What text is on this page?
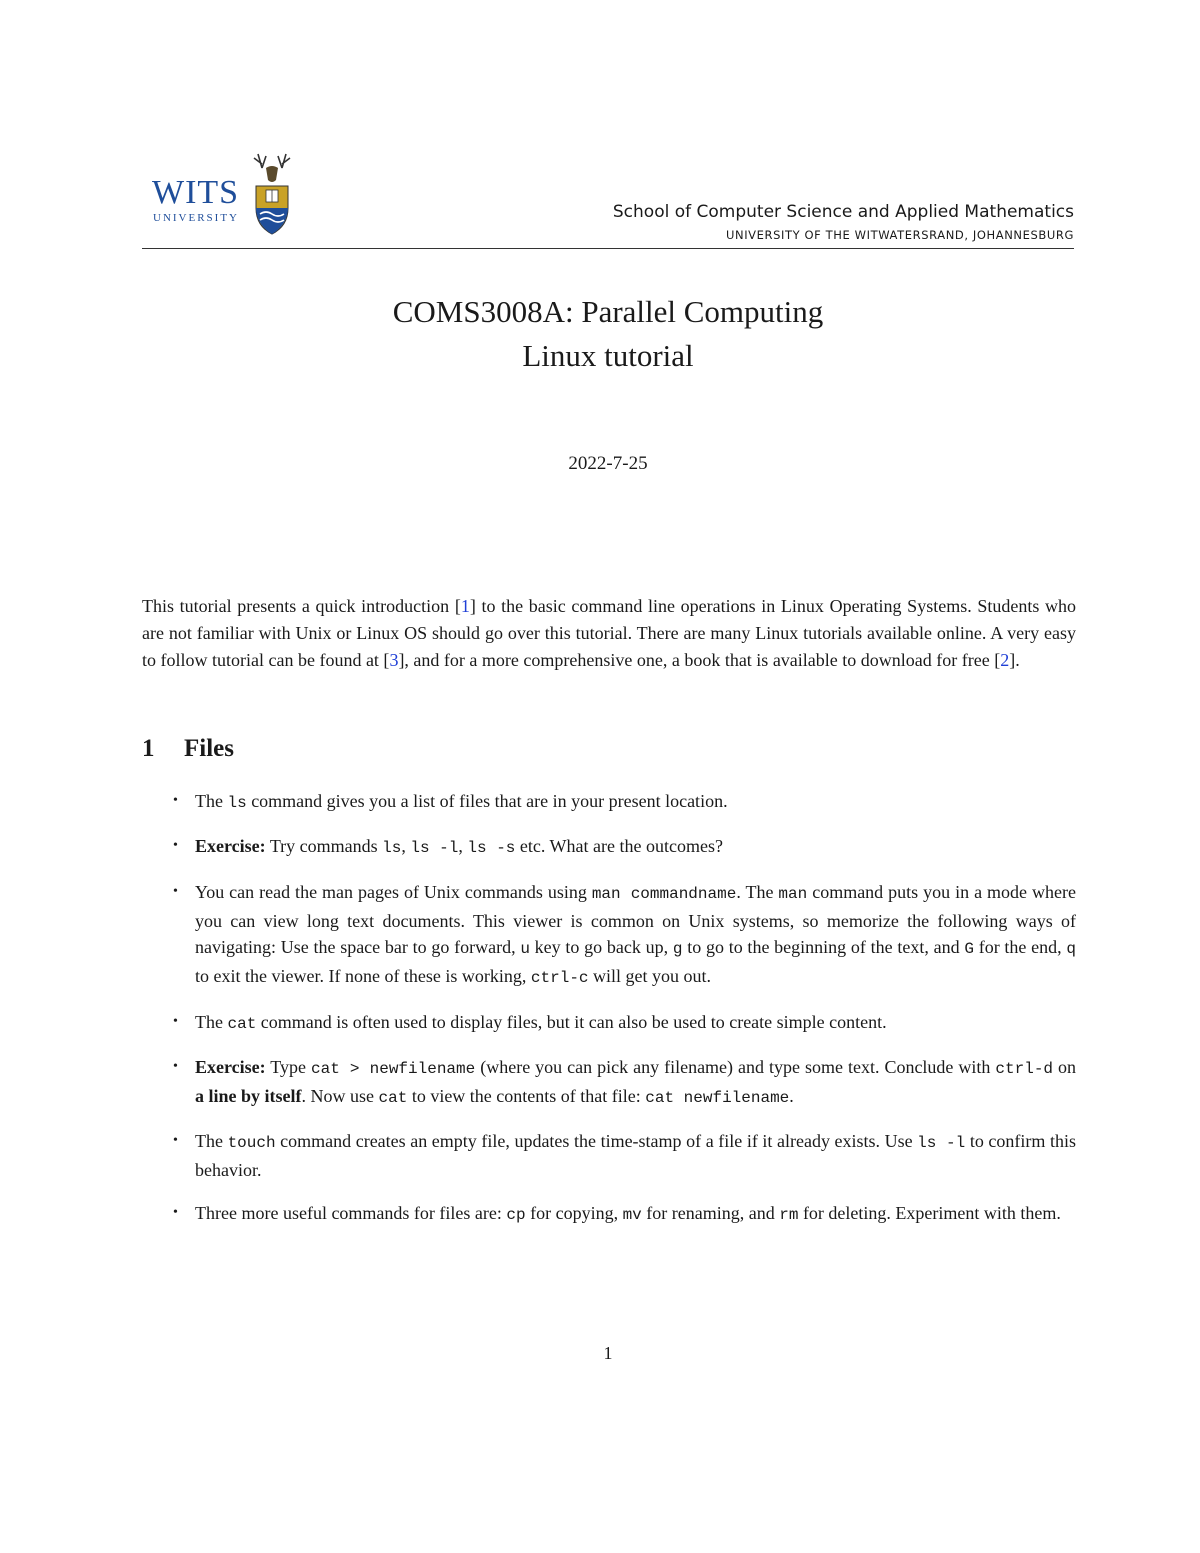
WITS
UNIVERSITY	School of Computer Science and Applied Mathematics
UNIVERSITY OF THE WITWATERSRAND, JOHANNESBURG
COMS3008A: Parallel Computing
Linux tutorial
2022-7-25

This tutorial presents a quick introduction [1] to the basic command line operations in Linux Operating Systems. Students who are not familiar with Unix or Linux OS should go over this tutorial. There are many Linux tutorials available online. A very easy to follow tutorial can be found at [3], and for a more comprehensive one, a book that is available to download for free [2].

1 Files
• The ls command gives you a list of files that are in your present location.
• Exercise: Try commands ls, ls -l, ls -s etc. What are the outcomes?
• You can read the man pages of Unix commands using man commandname. The man command puts you in a mode where you can view long text documents. This viewer is common on Unix systems, so memorize the following ways of navigating: Use the space bar to go forward, u key to go back up, g to go to the beginning of the text, and G for the end, q to exit the viewer. If none of these is working, ctrl-c will get you out.
• The cat command is often used to display files, but it can also be used to create simple content.
• Exercise: Type cat > newfilename (where you can pick any filename) and type some text. Conclude with ctrl-d on a line by itself. Now use cat to view the contents of that file: cat newfilename.
• The touch command creates an empty file, updates the time-stamp of a file if it already exists. Use ls -l to confirm this behavior.
• Three more useful commands for files are: cp for copying, mv for renaming, and rm for deleting. Experiment with them.
1
